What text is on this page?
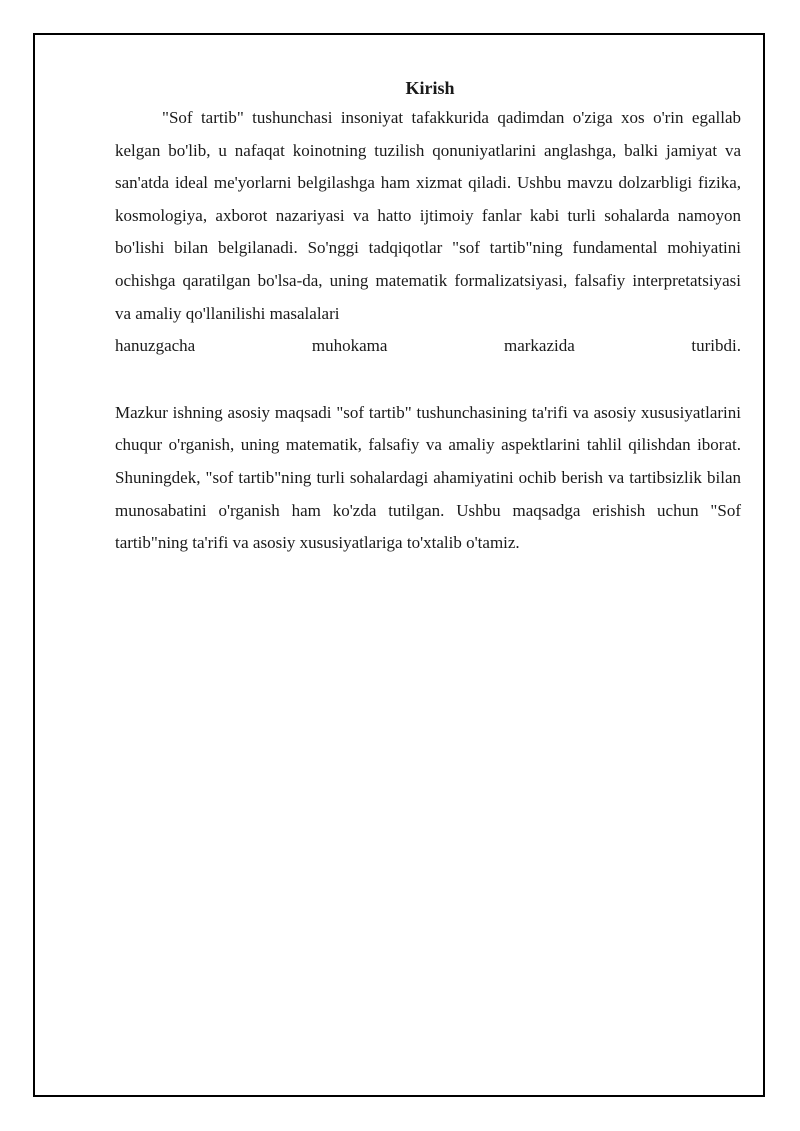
Kirish

"Sof tartib" tushunchasi insoniyat tafakkurida qadimdan o'ziga xos o'rin egallab kelgan bo'lib, u nafaqat koinotning tuzilish qonuniyatlarini anglashga, balki jamiyat va san'atda ideal me'yorlarni belgilashga ham xizmat qiladi. Ushbu mavzu dolzarbligi fizika, kosmologiya, axborot nazariyasi va hatto ijtimoiy fanlar kabi turli sohalarda namoyon bo'lishi bilan belgilanadi. So'nggi tadqiqotlar "sof tartib"ning fundamental mohiyatini ochishga qaratilgan bo'lsa-da, uning matematik formalizatsiyasi, falsafiy interpretatsiyasi va amaliy qo'llanilishi masalalari

hanuzgacha muhokama markazida turibdi.

Mazkur ishning asosiy maqsadi "sof tartib" tushunchasining ta'rifi va asosiy xususiyatlarini chuqur o'rganish, uning matematik, falsafiy va amaliy aspektlarini tahlil qilishdan iborat. Shuningdek, "sof tartib"ning turli sohalardagi ahamiyatini ochib berish va tartibsizlik bilan munosabatini o'rganish ham ko'zda tutilgan. Ushbu maqsadga erishish uchun "Sof tartib"ning ta'rifi va asosiy xususiyatlariga to'xtalib o'tamiz.
